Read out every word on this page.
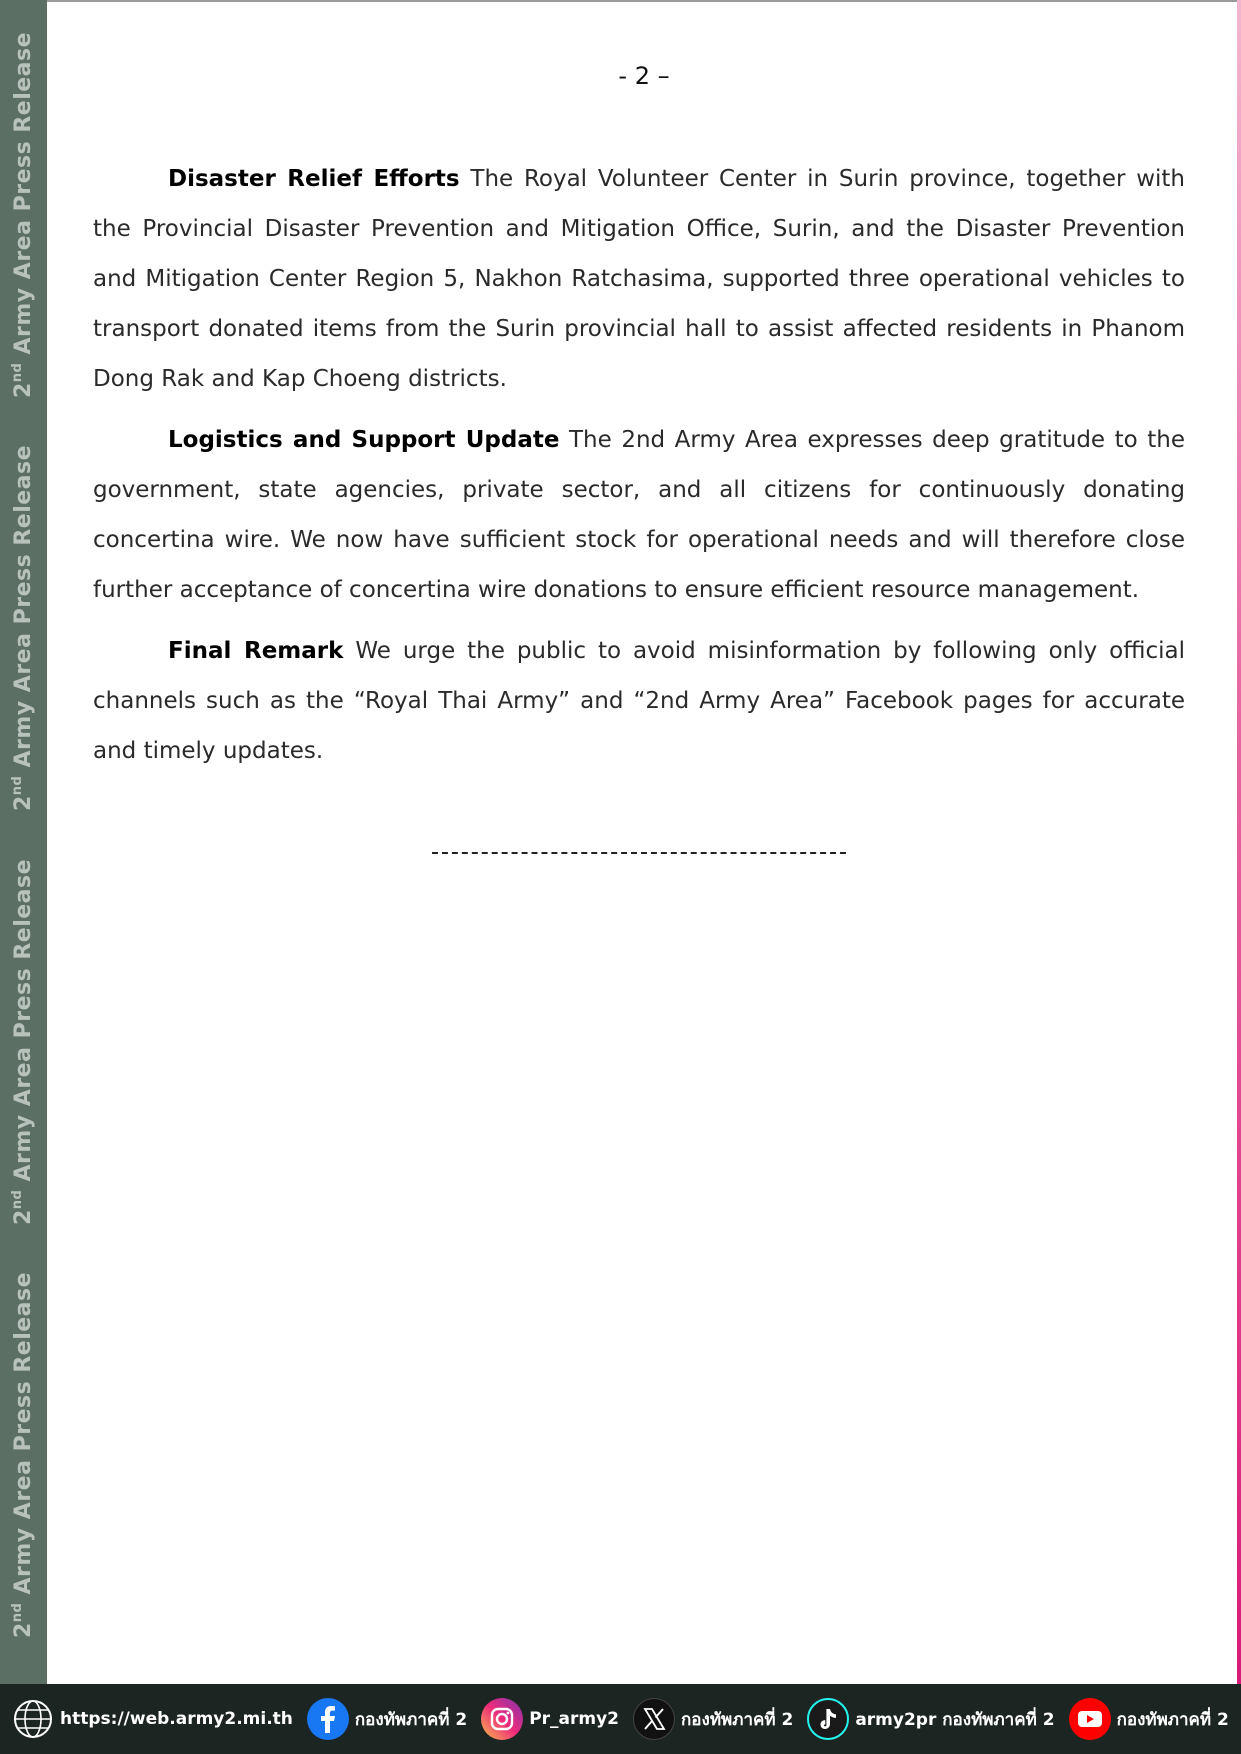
2nd Army Area Press Release
2nd Army Area Press Release
2nd Army Area Press Release
2nd Army Area Press Release
- 2 –

Disaster Relief Efforts The Royal Volunteer Center in Surin province, together with the Provincial Disaster Prevention and Mitigation Office, Surin, and the Disaster Prevention and Mitigation Center Region 5, Nakhon Ratchasima, supported three operational vehicles to transport donated items from the Surin provincial hall to assist affected residents in Phanom Dong Rak and Kap Choeng districts.

Logistics and Support Update The 2nd Army Area expresses deep gratitude to the government, state agencies, private sector, and all citizens for continuously donating concertina wire. We now have sufficient stock for operational needs and will therefore close further acceptance of concertina wire donations to ensure efficient resource management.

Final Remark We urge the public to avoid misinformation by following only official channels such as the “Royal Thai Army” and “2nd Army Area” Facebook pages for accurate and timely updates.

https://web.army2.mi.th	กองทัพภาคที่ 2	Pr_army2	กองทัพภาคที่ 2	army2pr กองทัพภาคที่ 2	กองทัพภาคที่ 2
